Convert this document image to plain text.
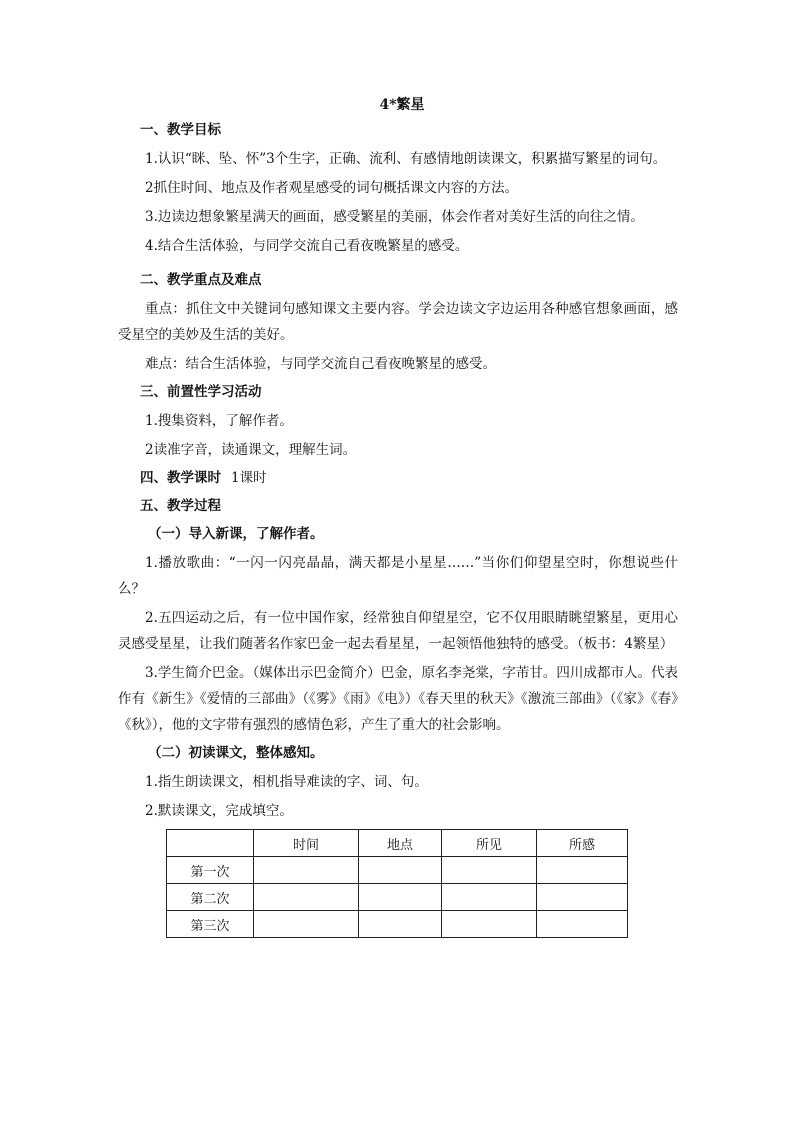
4*繁星
一、教学目标

1.认识“眯、坠、怀”3个生字，正确、流利、有感情地朗读课文，积累描写繁星的词句。

2抓住时间、地点及作者观星感受的词句概括课文内容的方法。

3.边读边想象繁星满天的画面，感受繁星的美丽，体会作者对美好生活的向往之情。

4.结合生活体验，与同学交流自己看夜晚繁星的感受。

二、教学重点及难点

重点：抓住文中关键词句感知课文主要内容。学会边读文字边运用各种感官想象画面，感受星空的美妙及生活的美好。

难点：结合生活体验，与同学交流自己看夜晚繁星的感受。

三、前置性学习活动

1.搜集资料，了解作者。

2读准字音，读通课文，理解生词。

四、教学课时 1课时
五、教学过程
（一）导入新课，了解作者。

1.播放歌曲：“一闪一闪亮晶晶，满天都是小星星……”当你们仰望星空时，你想说些什么？

2.五四运动之后，有一位中国作家，经常独自仰望星空，它不仅用眼睛眺望繁星，更用心灵感受星星，让我们随著名作家巴金一起去看星星，一起领悟他独特的感受。（板书：4繁星）

3.学生简介巴金。（媒体出示巴金简介）巴金，原名李尧棠，字芾甘。四川成都市人。代表作有《新生》《爱情的三部曲》（《雾》《雨》《电》）《春天里的秋天》《激流三部曲》（《家》《春》《秋》），他的文字带有强烈的感情色彩，产生了重大的社会影响。

（二）初读课文，整体感知。

1.指生朗读课文，相机指导难读的字、词、句。

2.默读课文，完成填空。

	时间	地点	所见	所感
第一次				
第二次				
第三次				
